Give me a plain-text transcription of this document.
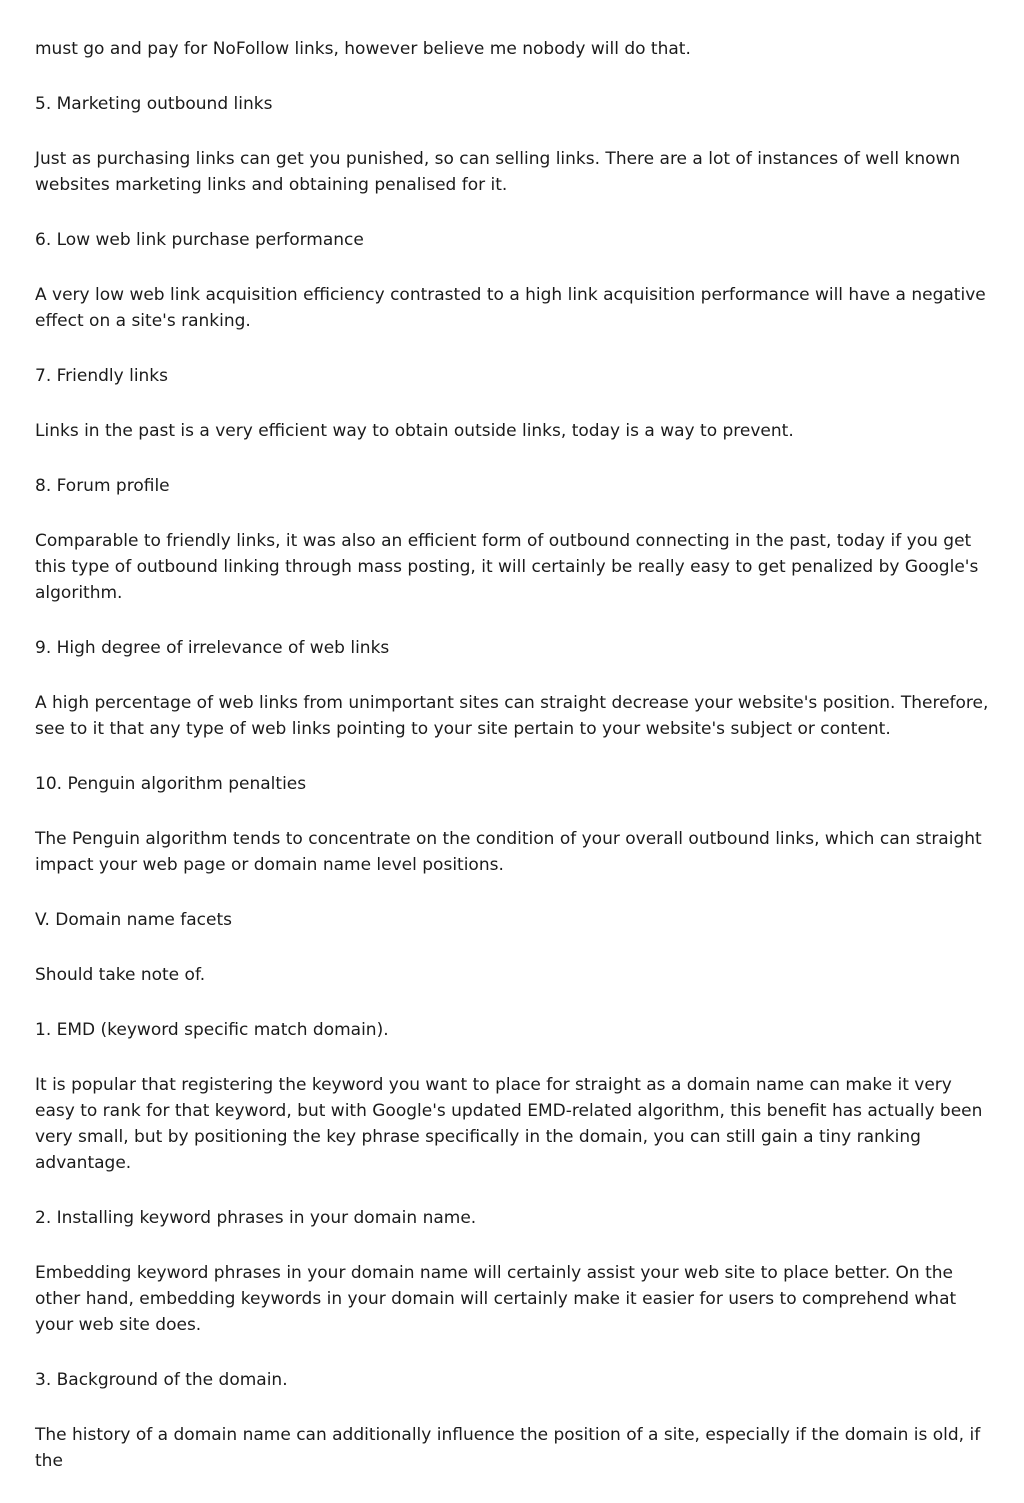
must go and pay for NoFollow links, however believe me nobody will do that.

5. Marketing outbound links

Just as purchasing links can get you punished, so can selling links. There are a lot of instances of well known websites marketing links and obtaining penalised for it.

6. Low web link purchase performance

A very low web link acquisition efficiency contrasted to a high link acquisition performance will have a negative effect on a site's ranking.

7. Friendly links

Links in the past is a very efficient way to obtain outside links, today is a way to prevent.

8. Forum profile

Comparable to friendly links, it was also an efficient form of outbound connecting in the past, today if you get this type of outbound linking through mass posting, it will certainly be really easy to get penalized by Google's algorithm.

9. High degree of irrelevance of web links

A high percentage of web links from unimportant sites can straight decrease your website's position. Therefore, see to it that any type of web links pointing to your site pertain to your website's subject or content.

10. Penguin algorithm penalties

The Penguin algorithm tends to concentrate on the condition of your overall outbound links, which can straight impact your web page or domain name level positions.

V. Domain name facets

Should take note of.

1. EMD (keyword specific match domain).

It is popular that registering the keyword you want to place for straight as a domain name can make it very easy to rank for that keyword, but with Google's updated EMD-related algorithm, this benefit has actually been very small, but by positioning the key phrase specifically in the domain, you can still gain a tiny ranking advantage.

2. Installing keyword phrases in your domain name.

Embedding keyword phrases in your domain name will certainly assist your web site to place better. On the other hand, embedding keywords in your domain will certainly make it easier for users to comprehend what your web site does.

3. Background of the domain.

The history of a domain name can additionally influence the position of a site, especially if the domain is old, if the
